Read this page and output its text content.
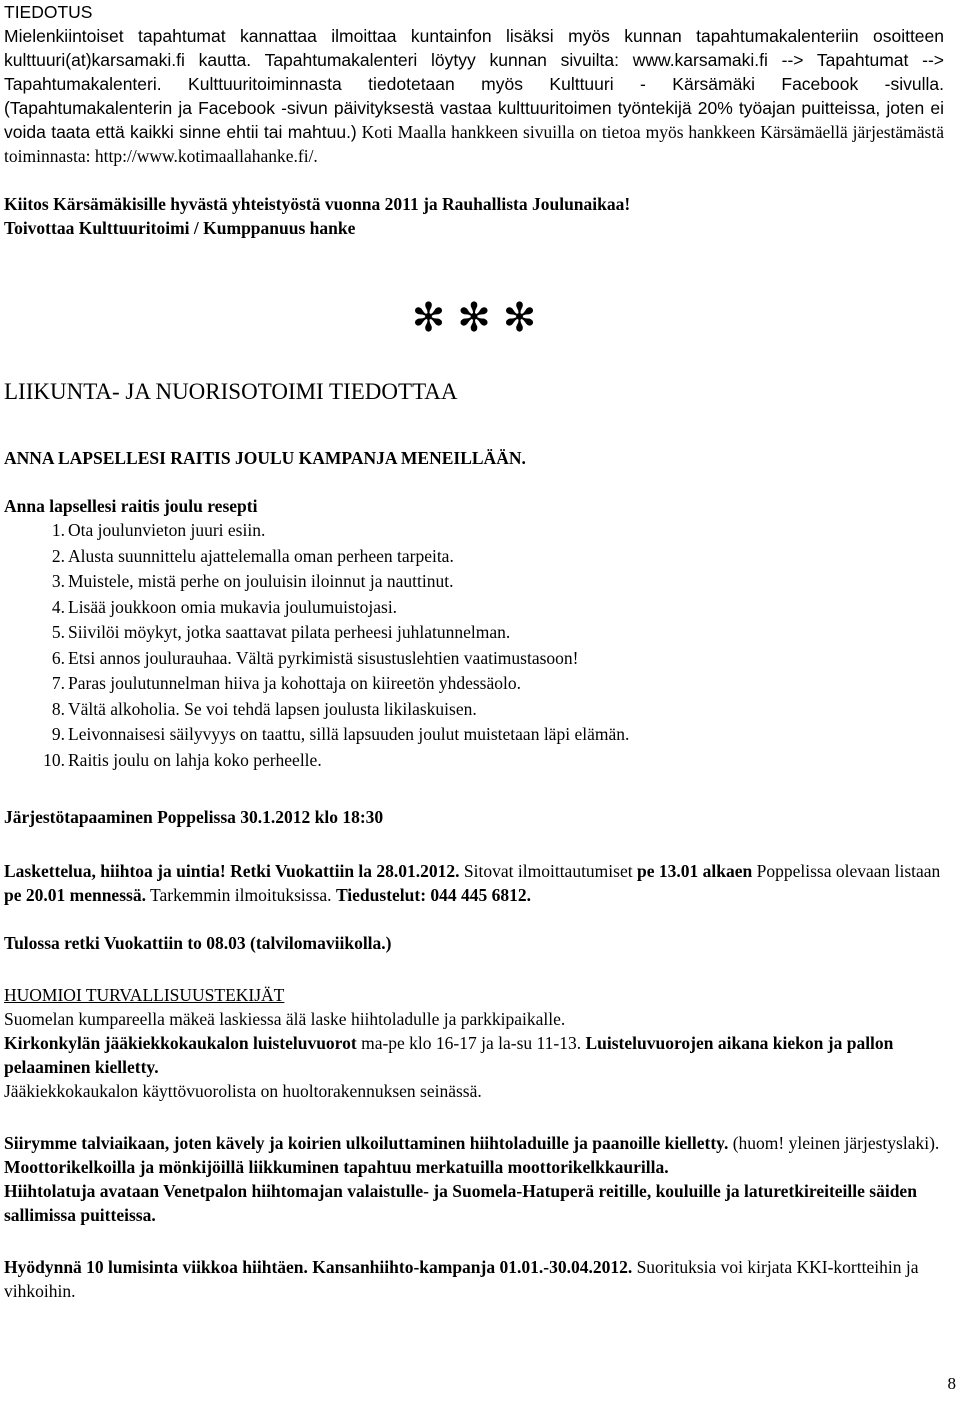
TIEDOTUS

Mielenkiintoiset tapahtumat kannattaa ilmoittaa kuntainfon lisäksi myös kunnan tapahtumakalenteriin osoitteen kulttuuri(at)karsamaki.fi kautta. Tapahtumakalenteri löytyy kunnan sivuilta: www.karsamaki.fi --> Tapahtumat --> Tapahtumakalenteri. Kulttuuritoiminnasta tiedotetaan myös Kulttuuri - Kärsämäki Facebook -sivulla. (Tapahtumakalenterin ja Facebook -sivun päivityksestä vastaa kulttuuritoimen työntekijä 20% työajan puitteissa, joten ei voida taata että kaikki sinne ehtii tai mahtuu.) Koti Maalla hankkeen sivuilla on tietoa myös hankkeen Kärsämäellä järjestämästä toiminnasta: http://www.kotimaallahanke.fi/.

Kiitos Kärsämäkisille hyvästä yhteistyöstä vuonna 2011 ja Rauhallista Joulunaikaa!

Toivottaa Kulttuuritoimi / Kumppanuus hanke

✻ ✻ ✻

LIIKUNTA- JA NUORISOTOIMI TIEDOTTAA

ANNA LAPSELLESI RAITIS JOULU KAMPANJA MENEILLÄÄN.

Anna lapsellesi raitis joulu resepti

1. Ota joulunvieton juuri esiin.
2. Alusta suunnittelu ajattelemalla oman perheen tarpeita.
3. Muistele, mistä perhe on jouluisin iloinnut ja nauttinut.
4. Lisää joukkoon omia mukavia joulumuistojasi.
5. Siivilöi möykyt, jotka saattavat pilata perheesi juhlatunnelman.
6. Etsi annos joulurauhaa. Vältä pyrkimistä sisustuslehtien vaatimustasoon!
7. Paras joulutunnelman hiiva ja kohottaja on kiireetön yhdessäolo.
8. Vältä alkoholia. Se voi tehdä lapsen joulusta likilaskuisen.
9. Leivonnaisesi säilyvyys on taattu, sillä lapsuuden joulut muistetaan läpi elämän.
10. Raitis joulu on lahja koko perheelle.

Järjestötapaaminen Poppelissa 30.1.2012 klo 18:30

Laskettelua, hiihtoa ja uintia! Retki Vuokattiin la 28.01.2012. Sitovat ilmoittautumiset pe 13.01 alkaen Poppelissa olevaan listaan pe 20.01 mennessä. Tarkemmin ilmoituksissa. Tiedustelut: 044 445 6812.

Tulossa retki Vuokattiin to 08.03 (talvilomaviikolla.)

HUOMIOI TURVALLISUUSTEKIJÄT

Suomelan kumpareella mäkeä laskiessa älä laske hiihtoladulle ja parkkipaikalle.

Kirkonkylän jääkiekkokaukalon luisteluvuorot ma-pe klo 16-17 ja la-su 11-13. Luisteluvuorojen aikana kiekon ja pallon pelaaminen kielletty.

Jääkiekkokaukalon käyttövuorolista on huoltorakennuksen seinässä.

Siirymme talviaikaan, joten kävely ja koirien ulkoiluttaminen hiihtoladuille ja paanoille kielletty. (huom! yleinen järjestyslaki). Moottorikelkoilla ja mönkijöillä liikkuminen tapahtuu merkatuilla moottorikelkkaurilla.

Hiihtolatuja avataan Venetpalon hiihtomajan valaistulle- ja Suomela-Hatuperä reitille, kouluille ja laturetkireiteille säiden sallimissa puitteissa.

Hyödynnä 10 lumisinta viikkoa hiihtäen. Kansanhiihto-kampanja 01.01.-30.04.2012. Suorituksia voi kirjata KKI-kortteihin ja vihkoihin.

8
